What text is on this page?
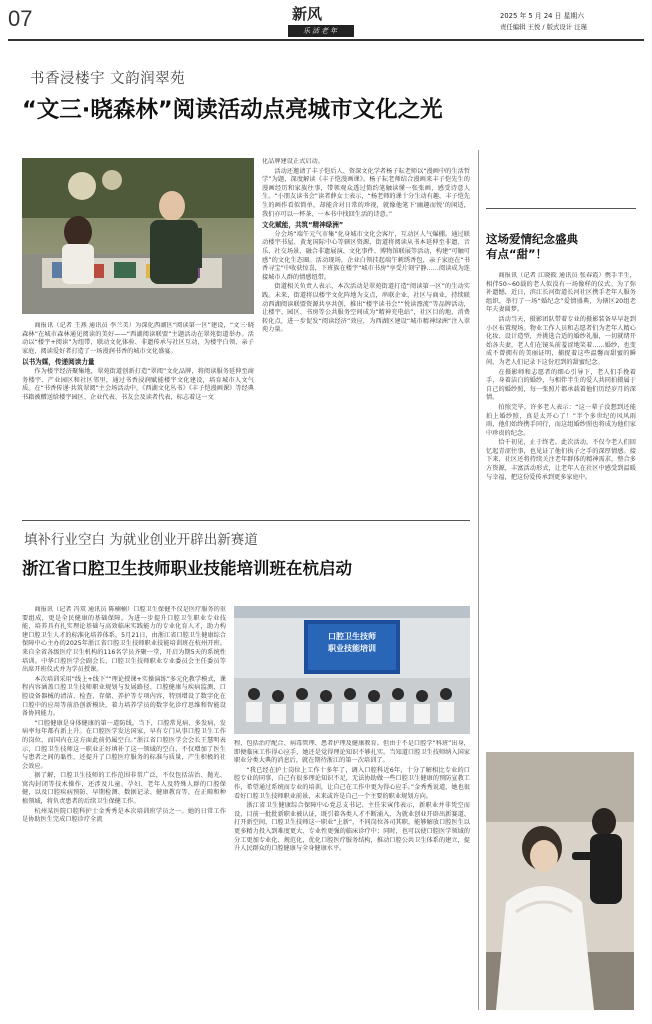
07	新风
乐活老年
2025 年 5 月 24 日 星期六
责任编辑 王悦 / 版式设计 汪瑾
书香浸楼宇 文韵润翠苑
“文三·晓森林”阅读活动点亮城市文化之光

商报讯（记者 王燕 通讯员 李兰美）为深化西湖区“阅读第一区”建设，“文三·晓森林”在城市森林通见阅读的美好——“西湖阅读联盟”主题活动在翠苑街道举办。活动以“楼宇+阅读”为纽带，联动文化体验、非遗传承与社区互动，为楼宇白领、亲子家庭、阅读爱好者打造了一场漫润书香的城市文化盛宴。

以书为媒，传递阅读力量

作为楼宇经济聚集地，翠苑街道创新打造“翠阅”文化品牌，将阅读服务延伸至商务楼宇、产业园区和社区邻里，通过书香浸润赋能楼宇文化建设，培育城市人文气质。在“书香传递·共筑翠阅”主会场活动中，《西湖文化丛书》《丰子恺漫画课》等经典书籍被赠送给楼宇园区、企业代表、书友会及读者代表，标志着这一文

化品牌建设正式启动。

活动还邀请了丰子恺后人、资深文化学者杨子耘老师以“漫画中的生活哲学”为题，深度解读《丰子恺漫画课》。杨子耘老师结合漫画来丰子恺先生的漫画经历和家族往事，带领观众透过简约笔触读懂一张张画，感受诗意人生。“小朋友读书会”读者薛女士表示，“杨老师的课十分生动有趣，丰子恺先生的画作看似简单，却能含对日常的珍视，就像他笔下‘幽趣而悦’的闲适，我们亦可以一杯茶、一本书中找回生活的诗意。”

文化赋能，共筑“精神绿洲”

分会场“端午元气市集”化身城市文化会客厅，互动区人气爆棚。通过联动楼宇书屋、黄龙国际中心等辖区资源，街道将阅读从书本延伸至非遗、音乐、社交场景，融合非遗展演、文化事件、博物馆联展等活动，构建“可触可感”的文化生态圈。活动现场，企业白领挂起端午刺绣香包，亲子家庭在“书香寻宝”中收获惊喜，下班族在楼宇“城市书房”享受片刻宁静……阅读成为连接城市人群的情感纽带。

街道相关负责人表示，本次活动是翠苑街道打造“阅读第一区”的生动实践。未来，街道将以楼宇文化阵地为支点，串联企业、社区与商业，持续联动西湖阅读联盟资源共享共创，推出“楼宇读书会”“悦读漂流”等品牌活动，让楼宇、园区、书房等公共服务空间成为“精神充电站”，社区目的地、消费转化点，进一步促发“阅读经济”效应，为西湖区建设“城市精神绿洲”注入翠苑力量。

这场爱情纪念盛典
有点“甜”！

商报讯（记者 江晓筱 通讯员 张春霞）携手半生，相伴50~60载的老人似没有一场像样的仪式。为了弥补遗憾，近日，滨江长河街道长河社区携手老年人服务组织，举行了一场“婚纪念”爱情盛典，为辖区20组老年夫妻圆梦。

活动当天，摄影团队带着专业的摄影装备早早赶到小区布置现场。物业工作人员和志愿者们为老年人精心化妆、设计造型，并挑选合适的婚纱礼服，一切就绪开始各夫妻，老人们在镜头前羞涩地笑着……婚纱，也变成不曾拥有的美丽证明，捕捉着这些温馨而甜蜜的瞬间，为老人们记录下这份迟到的甜蜜纪念。

在摄影师和志愿者的细心引导下，老人们手挽着手，身着洁白的婚纱，与相伴半生的爱人共同拍摄属于自己的婚纱照，每一张照片都承载着他们历经岁月的深情。

拍照完毕，许多老人表示：“这一辈子没想到还能拍上婚纱照，真是太开心了！”半个多世纪的风风雨雨，他们始终携手同行，而这组婚纱照也将成为他们家中珍贵的纪念。

恰千初见，止于终老。此次活动，不仅令老人们回忆起青涩往事，也见证了他们执子之手的深厚情感。接下来，社区还将持续关注老年群体的精神需求，整合多方资源，丰富活动形式，让老年人在社区中感受到温暖与幸福，把这份爱传承到更多家庭中。

填补行业空白 为就业创业开辟出新赛道
浙江省口腔卫生技师职业技能培训班在杭启动

商报讯（记者 冯双 通讯员 陈楠楠）口腔卫生保健不仅是医疗服务的重要组成，更是全民健康的基础保障。为进一步提升口腔卫生职业专业技能，培养具有扎实理论基础与高效临床实践能力的专业化育人才，助力构建口腔卫生人才的标准化培养体系，5月21日，由浙江省口腔卫生健康综合保障中心主办的2025年浙江省口腔卫生技师职业技能培训班在杭州开班。来自全省各级医疗卫生机构的116名学员齐聚一堂，开启为期5天的系统性培训。中华口腔医学会副会长、口腔卫生技师职业专业委员会主任委员等出席开班仪式并为学员授课。

本次培训采用“线上+线下”“理论授课+实操演练”多元化教学模式，课程内容涵盖口腔卫生技师职业规划与发展路径、口腔健康与疾病监测、口腔设备器械的清洁、检查、存储、养护等专项内容，特别增设了数字化在口腔中的应用等前沿创新模块，着力培养学员的数字化诊疗思维和智能设备协同能力。

“口腔健康是身体健康的第一道防线。当下，口腔常见病、多发病，发病率每年都有新上升。在口腔医学发达国家，早有专门从事口腔卫生工作的岗位，而国内在这方面此前仍属空白。”浙江省口腔医学会会长王慧明表示，口腔卫生技师这一职业正好填补了这一领域的空白，不仅增加了医生与患者之间的黏性，还提升了口腔医疗服务的标准与质量，产生积极的社会效应。

据了解，口腔卫生技师的工作范围非常广泛，不仅包括洁治、抛光、窝沟封闭等技术操作，还涉及儿童、孕妇、老年人及特殊人群的口腔保健，以及口腔疾病预防、早期检测、数据记录、健康教育等，在正畸和种植领域，将负责患者的后续卫生保健工作。

杭州某医院口腔科护士金秀秀是本次培训班学员之一。她的日常工作是协助医生完成口腔诊疗全流

口腔卫生技师
职业技能培训

程，包括治疗配合、病毒管理、患者护理及健康教育。但由于不是口腔学“科班”出身，即便临床工作得心应手，她还是觉得理论知识不够扎实。当知道口腔卫生技师纳入国家职业分类大典的消息后，就在期待浙江的第一次培训了。

“我已经在护士岗位上工作十多年了，调入口腔科近6年，十分了解相比专业的口腔专业的同事，自己有很多理论知识不足，无法协助做一些口腔卫生健康的预防宣教工作，希望通过系统而专业的培训，让自己在工作中更为得心应手。”金秀秀说道，她也很看好口腔卫生技师职业前景，未来或许是自己一个主要的职业规划方向。

浙江省卫生健康综合保障中心党总支书记、主任宋寅伟表示，新职业并非凭空而设，目前一批批新职业被认证，既引着各类人才不断涌入，为就业创业开辟出新赛道、打开新空间，口腔卫生技师这一职业“上新”，不同岗位各司其职，能够解放口腔医生以更多精力投入到难度更大、专业性更强的临床诊疗中；同时，也可以使口腔医学领域的分工更加专业化、规范化，优化口腔医疗服务结构，推动口腔公共卫生体系的建立，提升人民群众的口腔健康与全身健康水平。
